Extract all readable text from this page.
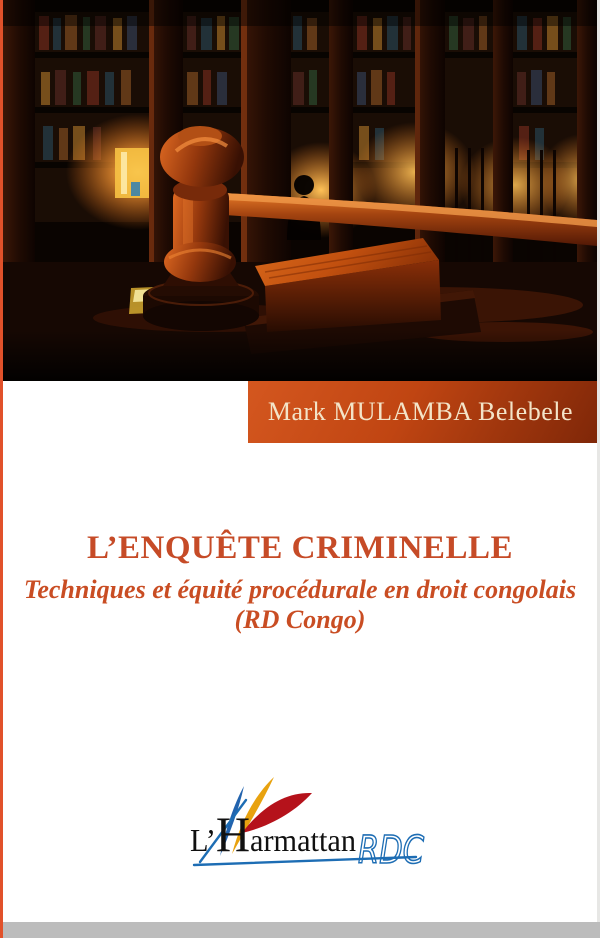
Mark MULAMBA Belebele
L’ENQUÊTE CRIMINELLE

Techniques et équité procédurale en droit congolais
(RD Congo)

L’Harmattan
RDC
